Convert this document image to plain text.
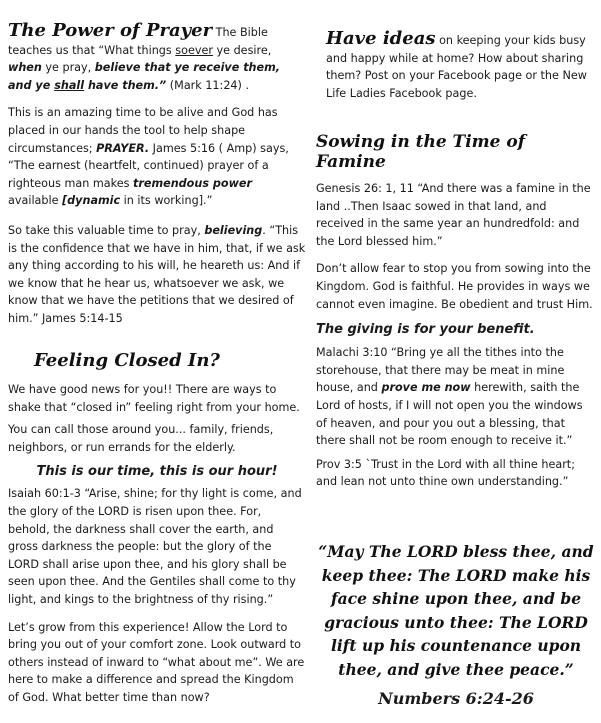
The Power of Prayer The Bible teaches us that “What things soever ye desire, when ye pray, believe that ye receive them, and ye shall have them.” (Mark 11:24) .

This is an amazing time to be alive and God has placed in our hands the tool to help shape circumstances; PRAYER. James 5:16 ( Amp) says, “The earnest (heartfelt, continued) prayer of a righteous man makes tremendous power available [dynamic in its working].”

So take this valuable time to pray, believing. “This is the confidence that we have in him, that, if we ask any thing according to his will, he heareth us: And if we know that he hear us, whatsoever we ask, we know that we have the petitions that we desired of him.” James 5:14-15

Feeling Closed In?

We have good news for you!! There are ways to shake that “closed in” feeling right from your home.

You can call those around you... family, friends, neighbors, or run errands for the elderly.

This is our time, this is our hour!

Isaiah 60:1-3 “Arise, shine; for thy light is come, and the glory of the LORD is risen upon thee. For, behold, the darkness shall cover the earth, and gross darkness the people: but the glory of the LORD shall arise upon thee, and his glory shall be seen upon thee. And the Gentiles shall come to thy light, and kings to the brightness of thy rising.”

Let’s grow from this experience! Allow the Lord to bring you out of your comfort zone. Look outward to others instead of inward to “what about me”. We are here to make a difference and spread the Kingdom of God. What better time than now?

Have ideas on keeping your kids busy and happy while at home? How about sharing them? Post on your Facebook page or the New Life Ladies Facebook page.

Sowing in the Time of Famine

Genesis 26: 1, 11 “And there was a famine in the land ..Then Isaac sowed in that land, and received in the same year an hundredfold: and the Lord blessed him.”

Don’t allow fear to stop you from sowing into the Kingdom. God is faithful. He provides in ways we cannot even imagine. Be obedient and trust Him.

The giving is for your benefit.

Malachi 3:10 “Bring ye all the tithes into the storehouse, that there may be meat in mine house, and prove me now herewith, saith the Lord of hosts, if I will not open you the windows of heaven, and pour you out a blessing, that there shall not be room enough to receive it.”

Prov 3:5 `Trust in the Lord with all thine heart; and lean not unto thine own understanding.”

“May The LORD bless thee, and keep thee: The LORD make his face shine upon thee, and be gracious unto thee: The LORD lift up his countenance upon thee, and give thee peace.”
Numbers 6:24-26
